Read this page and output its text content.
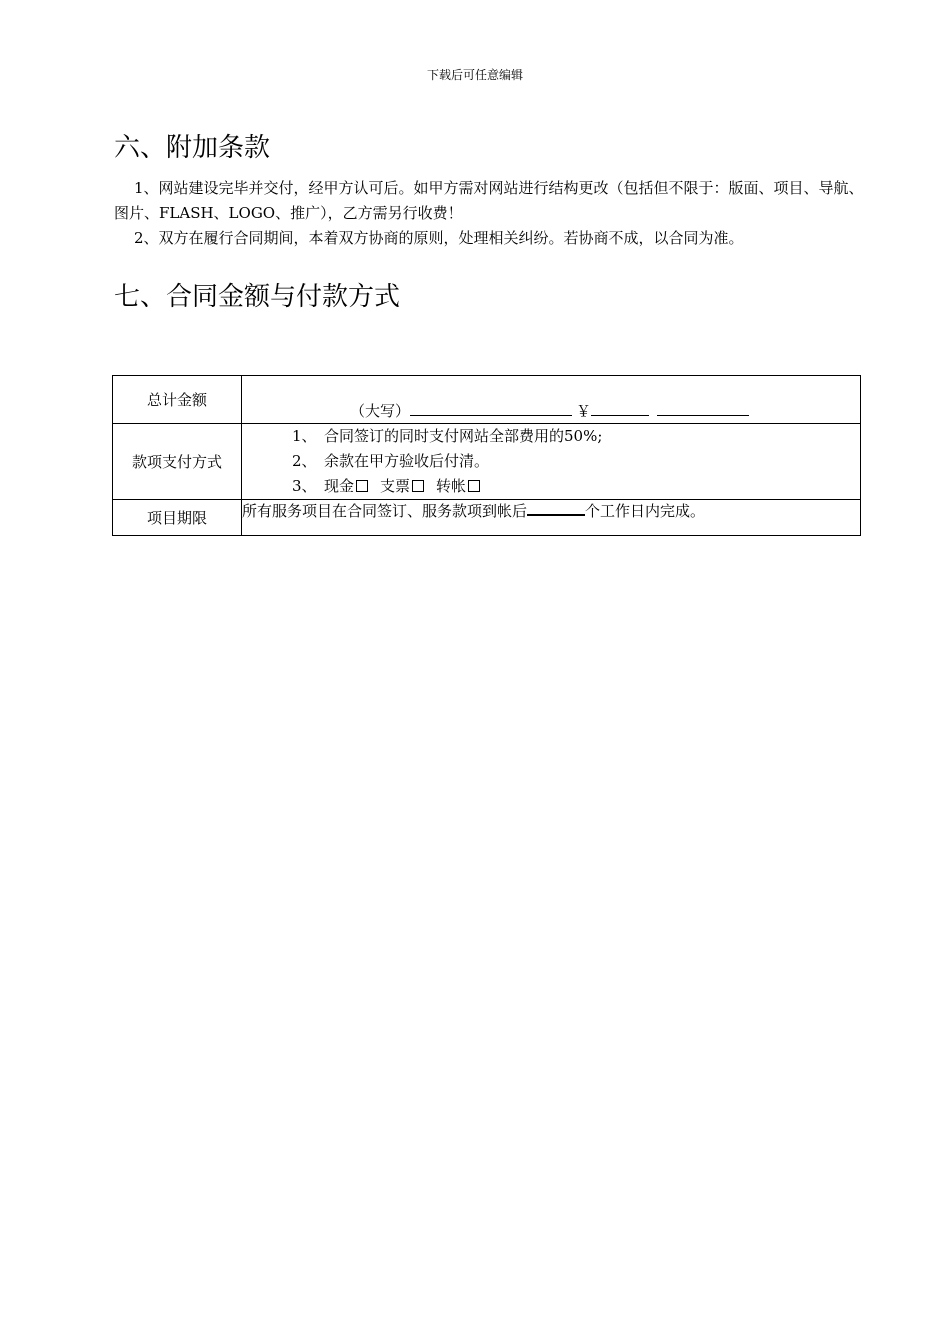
下载后可任意编辑
六、附加条款

1、网站建设完毕并交付，经甲方认可后。如甲方需对网站进行结构更改（包括但不限于：版面、项目、导航、图片、FLASH、LOGO、推广），乙方需另行收费！

2、双方在履行合同期间，本着双方协商的原则，处理相关纠纷。若协商不成，以合同为准。

七、合同金额与付款方式
总计金额	（大写） ￥

款项支付方式	1、 合同签订的同时支付网站全部费用的50%;
2、 余款在甲方验收后付清。
3、 现金 支票 转帐

项目期限	所有服务项目在合同签订、服务款项到帐后 个工作日内完成。
